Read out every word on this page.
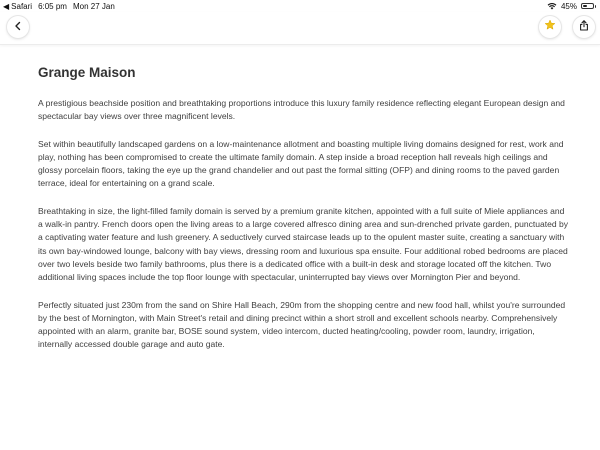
◀ Safari 6:05 pm Mon 27 Jan	45%
Grange Maison

A prestigious beachside position and breathtaking proportions introduce this luxury family residence reflecting elegant European design and spectacular bay views over three magnificent levels.

Set within beautifully landscaped gardens on a low-maintenance allotment and boasting multiple living domains designed for rest, work and play, nothing has been compromised to create the ultimate family domain. A step inside a broad reception hall reveals high ceilings and glossy porcelain floors, taking the eye up the grand chandelier and out past the formal sitting (OFP) and dining rooms to the paved garden terrace, ideal for entertaining on a grand scale.

Breathtaking in size, the light-filled family domain is served by a premium granite kitchen, appointed with a full suite of Miele appliances and a walk-in pantry. French doors open the living areas to a large covered alfresco dining area and sun-drenched private garden, punctuated by a captivating water feature and lush greenery. A seductively curved staircase leads up to the opulent master suite, creating a sanctuary with its own bay-windowed lounge, balcony with bay views, dressing room and luxurious spa ensuite. Four additional robed bedrooms are placed over two levels beside two family bathrooms, plus there is a dedicated office with a built-in desk and storage located off the kitchen. Two additional living spaces include the top floor lounge with spectacular, uninterrupted bay views over Mornington Pier and beyond.

Perfectly situated just 230m from the sand on Shire Hall Beach, 290m from the shopping centre and new food hall, whilst you're surrounded by the best of Mornington, with Main Street's retail and dining precinct within a short stroll and excellent schools nearby. Comprehensively appointed with an alarm, granite bar, BOSE sound system, video intercom, ducted heating/cooling, powder room, laundry, irrigation, internally accessed double garage and auto gate.
